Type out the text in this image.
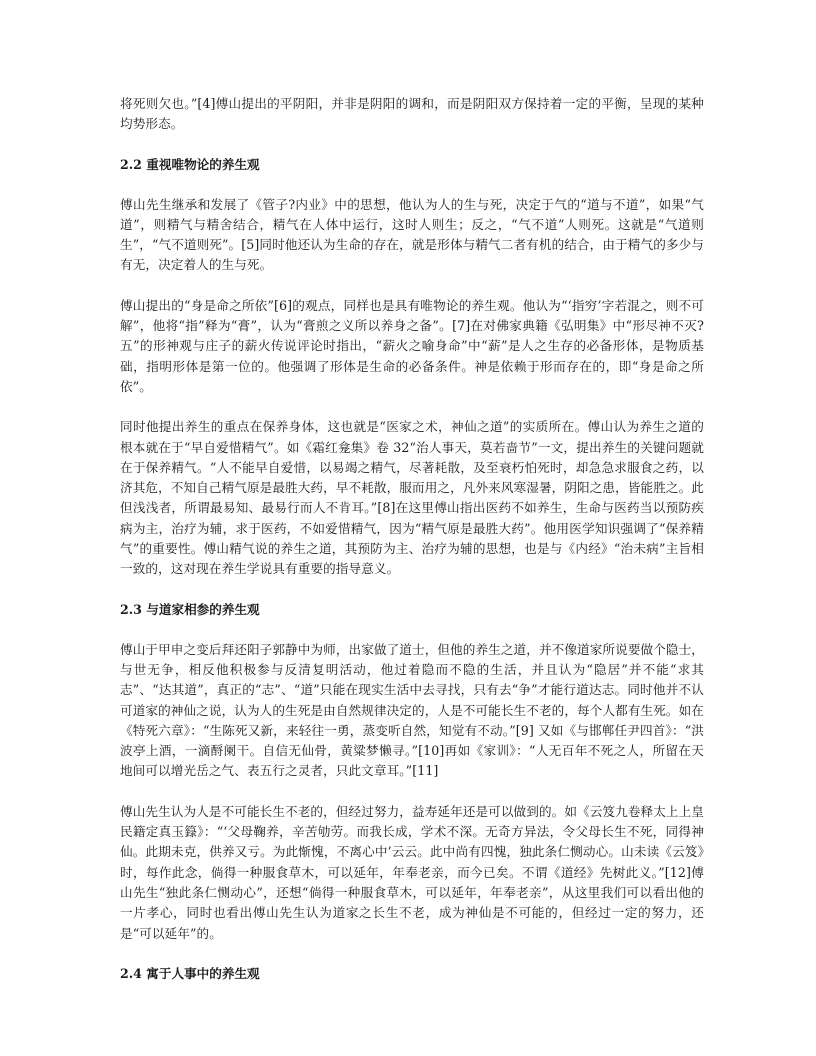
将死则欠也。”[4]傅山提出的平阴阳，并非是阴阳的调和，而是阴阳双方保持着一定的平衡，呈现的某种均势形态。

2.2 重视唯物论的养生观

傅山先生继承和发展了《管子?内业》中的思想，他认为人的生与死，决定于气的“道与不道”，如果“气道”，则精气与精舍结合，精气在人体中运行，这时人则生；反之，“气不道”人则死。这就是“气道则生”，“气不道则死”。[5]同时他还认为生命的存在，就是形体与精气二者有机的结合，由于精气的多少与有无，决定着人的生与死。

傅山提出的“身是命之所依”[6]的观点，同样也是具有唯物论的养生观。他认为“‘指穷’字若混之，则不可解”，他将“指”释为“膏”，认为“膏煎之义所以养身之备”。[7]在对佛家典籍《弘明集》中“形尽神不灭?五”的形神观与庄子的薪火传说评论时指出，“薪火之喻身命”中“薪”是人之生存的必备形体，是物质基础，指明形体是第一位的。他强调了形体是生命的必备条件。神是依赖于形而存在的，即“身是命之所依”。

同时他提出养生的重点在保养身体，这也就是“医家之术，神仙之道”的实质所在。傅山认为养生之道的根本就在于“早自爱惜精气”。如《霜红龛集》卷 32“治人事天，莫若啬节”一文，提出养生的关键问题就在于保养精气。“人不能早自爱惜，以易竭之精气，尽著耗散，及至衰朽怕死时，却急急求服食之药，以济其危，不知自己精气原是最胜大药，早不耗散，服而用之，凡外来风寒湿暑，阴阳之患，皆能胜之。此但浅浅者，所谓最易知、最易行而人不肯耳。”[8]在这里傅山指出医药不如养生，生命与医药当以预防疾病为主，治疗为辅，求于医药，不如爱惜精气，因为“精气原是最胜大药”。他用医学知识强调了“保养精气”的重要性。傅山精气说的养生之道，其预防为主、治疗为辅的思想，也是与《内经》“治未病”主旨相一致的，这对现在养生学说具有重要的指导意义。

2.3 与道家相参的养生观

傅山于甲申之变后拜还阳子郭静中为师，出家做了道士，但他的养生之道，并不像道家所说要做个隐士，与世无争，相反他积极参与反清复明活动，他过着隐而不隐的生活，并且认为“隐居”并不能“求其志”、“达其道”，真正的“志”、“道”只能在现实生活中去寻找，只有去“争”才能行道达志。同时他并不认可道家的神仙之说，认为人的生死是由自然规律决定的，人是不可能长生不老的，每个人都有生死。如在《特死六章》：“生陈死又新，来轻往一勇，蒸变听自然，知觉有不动。”[9] 又如《与邯郸任尹四首》：“洪波亭上酒，一滴酹阑干。自信无仙骨，黄粱梦懒寻。”[10]再如《家训》：“人无百年不死之人，所留在天地间可以增光岳之气、表五行之灵者，只此文章耳。”[11]

傅山先生认为人是不可能长生不老的，但经过努力，益寿延年还是可以做到的。如《云笈九卷释太上上皇民籍定真玉籙》：“‘父母鞠养，辛苦劬劳。而我长成，学术不深。无奇方异法，令父母长生不死，同得神仙。此期未克，供养又亏。为此惭愧，不离心中’云云。此中尚有四愧，独此条仁恻动心。山未读《云笈》时，每作此念，倘得一种服食草木，可以延年，年奉老亲，而今已矣。不谓《道经》先树此义。”[12]傅山先生“独此条仁恻动心”，还想“倘得一种服食草木，可以延年，年奉老亲”，从这里我们可以看出他的一片孝心，同时也看出傅山先生认为道家之长生不老，成为神仙是不可能的，但经过一定的努力，还是“可以延年”的。

2.4 寓于人事中的养生观
